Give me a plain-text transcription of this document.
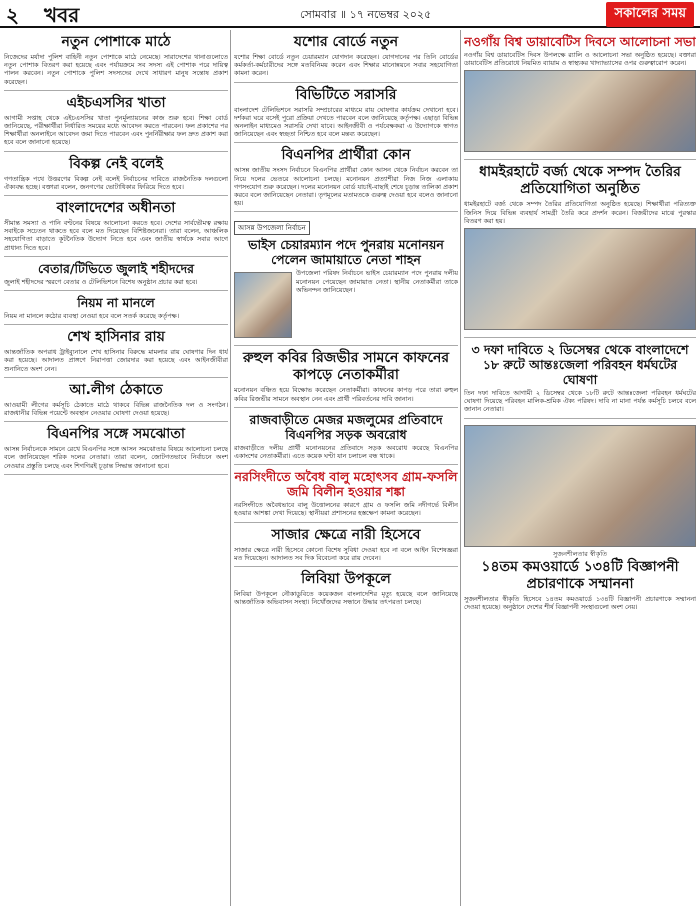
২ খবর	সোমবার ॥ ১৭ নভেম্বর ২০২৫	সকালের সময়
নতুন পোশাকে মাঠে
নিজেদের মর্যাদা পুলিশ বাহিনী নতুন পোশাকে মাঠে নেমেছে। সারাদেশের থানাগুলোতে নতুন পোশাক বিতরণ করা হয়েছে এবং পর্যায়ক্রমে সব সদস্য এই পোশাক পরে দায়িত্ব পালন করবেন। নতুন পোশাকে পুলিশ সদস্যদের দেখে সাধারণ মানুষ সন্তোষ প্রকাশ করেছেন।
এইচএসসির খাতা
আগামী সপ্তাহ থেকে এইচএসসির খাতা পুনর্মূল্যায়নের কাজ শুরু হবে। শিক্ষা বোর্ড জানিয়েছে, পরীক্ষার্থীরা নির্ধারিত সময়ের মধ্যে আবেদন করতে পারবেন। ফল প্রকাশের পর শিক্ষার্থীরা অনলাইনে আবেদন জমা দিতে পারবেন এবং পুনর্নিরীক্ষার ফল দ্রুত প্রকাশ করা হবে বলে জানানো হয়েছে।
বিকল্প নেই বলেই
গণতান্ত্রিক পথে উত্তরণের বিকল্প নেই বলেই নির্বাচনের দাবিতে রাজনৈতিক দলগুলো ঐক্যবদ্ধ হচ্ছে। বক্তারা বলেন, জনগণের ভোটাধিকার ফিরিয়ে দিতে হবে।
বাংলাদেশের অধীনতা
সীমান্ত সমস্যা ও পানি বণ্টনের বিষয়ে আলোচনা করতে হবে। দেশের সার্বভৌমত্ব রক্ষায় সবাইকে সচেতন থাকতে হবে বলে মত দিয়েছেন বিশিষ্টজনেরা। তারা বলেন, আঞ্চলিক সহযোগিতা বাড়াতে কূটনৈতিক উদ্যোগ নিতে হবে এবং জাতীয় স্বার্থকে সবার আগে প্রাধান্য দিতে হবে।
বেতার/টিভিতে জুলাই শহীদদের
জুলাই শহীদদের স্মরণে বেতার ও টেলিভিশনে বিশেষ অনুষ্ঠান প্রচার করা হবে।
নিয়ম না মানলে
নিয়ম না মানলে কঠোর ব্যবস্থা নেওয়া হবে বলে সতর্ক করেছে কর্তৃপক্ষ।
শেখ হাসিনার রায়
আন্তর্জাতিক অপরাধ ট্রাইব্যুনালে শেখ হাসিনার বিরুদ্ধে মামলার রায় ঘোষণার দিন ধার্য করা হয়েছে। আদালত প্রাঙ্গণে নিরাপত্তা জোরদার করা হয়েছে এবং আইনজীবীরা শুনানিতে অংশ নেন।
আ.লীগ ঠেকাতে
আওয়ামী লীগের কর্মসূচি ঠেকাতে মাঠে থাকবে বিভিন্ন রাজনৈতিক দল ও সংগঠন। রাজধানীর বিভিন্ন পয়েন্টে অবস্থান নেওয়ার ঘোষণা দেওয়া হয়েছে।
বিএনপির সঙ্গে সমঝোতা
আসন্ন নির্বাচনকে সামনে রেখে বিএনপির সঙ্গে আসন সমঝোতার বিষয়ে আলোচনা চলছে বলে জানিয়েছেন শরিক দলের নেতারা। তারা বলেন, জোটগতভাবে নির্বাচনে অংশ নেওয়ার প্রস্তুতি চলছে এবং শিগগিরই চূড়ান্ত সিদ্ধান্ত জানানো হবে।
যশোর বোর্ডে নতুন
যশোর শিক্ষা বোর্ডে নতুন চেয়ারম্যান যোগদান করেছেন। যোগদানের পর তিনি বোর্ডের কর্মকর্তা-কর্মচারীদের সঙ্গে মতবিনিময় করেন এবং শিক্ষার মানোন্নয়নে সবার সহযোগিতা কামনা করেন।
বিভিটিতে সরাসরি
বাংলাদেশ টেলিভিশনে সরাসরি সম্প্রচারের মাধ্যমে রায় ঘোষণার কার্যক্রম দেখানো হবে। দর্শকরা ঘরে বসেই পুরো প্রক্রিয়া দেখতে পারবেন বলে জানিয়েছে কর্তৃপক্ষ। এছাড়া বিভিন্ন অনলাইন মাধ্যমেও সরাসরি দেখা যাবে। আইনজীবী ও পর্যবেক্ষকরা এ উদ্যোগকে স্বাগত জানিয়েছেন এবং স্বচ্ছতা নিশ্চিত হবে বলে মন্তব্য করেছেন।
বিএনপির প্রার্থীরা কোন
আসন্ন জাতীয় সংসদ নির্বাচনে বিএনপির প্রার্থীরা কোন আসন থেকে নির্বাচন করবেন তা নিয়ে দলের ভেতরে আলোচনা চলছে। মনোনয়ন প্রত্যাশীরা নিজ নিজ এলাকায় গণসংযোগ শুরু করেছেন। দলের মনোনয়ন বোর্ড যাচাই-বাছাই শেষে চূড়ান্ত তালিকা প্রকাশ করবে বলে জানিয়েছেন নেতারা। তৃণমূলের মতামতকে গুরুত্ব দেওয়া হবে বলেও জানানো হয়।
আসন্ন উপজেলা নির্বাচন
ভাইস চেয়ারম্যান পদে পুনরায় মনোনয়ন পেলেন জামায়াতে নেতা শাহন
উপজেলা পরিষদ নির্বাচনে ভাইস চেয়ারম্যান পদে পুনরায় দলীয় মনোনয়ন পেয়েছেন জামায়াত নেতা। স্থানীয় নেতাকর্মীরা তাকে অভিনন্দন জানিয়েছেন।
রুহুল কবির রিজভীর সামনে কাফনের কাপড়ে নেতাকর্মীরা
মনোনয়ন বঞ্চিত হয়ে বিক্ষোভ করেছেন নেতাকর্মীরা। কাফনের কাপড় পরে তারা রুহুল কবির রিজভীর সামনে অবস্থান নেন এবং প্রার্থী পরিবর্তনের দাবি জানান।
রাজবাড়ীতে মেজর মজলুমের প্রতিবাদে বিএনপির সড়ক অবরোধ
রাজবাড়ীতে দলীয় প্রার্থী মনোনয়নের প্রতিবাদে সড়ক অবরোধ করেছে বিএনপির একাংশের নেতাকর্মীরা। এতে কয়েক ঘণ্টা যান চলাচল বন্ধ থাকে।
নরসিংদীতে অবৈধ বালু মহোৎসব গ্রাম-ফসলি জমি বিলীন হওয়ার শঙ্কা
নরসিংদীতে অবৈধভাবে বালু উত্তোলনের কারণে গ্রাম ও ফসলি জমি নদীগর্ভে বিলীন হওয়ার আশঙ্কা দেখা দিয়েছে। স্থানীয়রা প্রশাসনের হস্তক্ষেপ কামনা করেছেন।
সাজার ক্ষেত্রে নারী হিসেবে
সাজার ক্ষেত্রে নারী হিসেবে কোনো বিশেষ সুবিধা দেওয়া হবে না বলে আইন বিশেষজ্ঞরা মত দিয়েছেন। আদালত সব দিক বিবেচনা করে রায় দেবেন।
লিবিয়া উপকূলে
লিবিয়া উপকূলে নৌকাডুবিতে কয়েকজন বাংলাদেশির মৃত্যু হয়েছে বলে জানিয়েছে আন্তর্জাতিক অভিবাসন সংস্থা। নিখোঁজদের সন্ধানে উদ্ধার তৎপরতা চলছে।
নওগাঁয় বিশ্ব ডায়াবেটিস দিবসে আলোচনা সভা
নওগাঁয় বিশ্ব ডায়াবেটিস দিবস উপলক্ষে র‍্যালি ও আলোচনা সভা অনুষ্ঠিত হয়েছে। বক্তারা ডায়াবেটিস প্রতিরোধে নিয়মিত ব্যায়াম ও স্বাস্থ্যকর খাদ্যাভ্যাসের ওপর গুরুত্বারোপ করেন।
ধামইরহাটে বর্জ্য থেকে সম্পদ তৈরির প্রতিযোগিতা অনুষ্ঠিত
ধামইরহাটে বর্জ্য থেকে সম্পদ তৈরির প্রতিযোগিতা অনুষ্ঠিত হয়েছে। শিক্ষার্থীরা পরিত্যক্ত জিনিস দিয়ে বিভিন্ন ব্যবহার্য সামগ্রী তৈরি করে প্রদর্শন করেন। বিজয়ীদের মাঝে পুরস্কার বিতরণ করা হয়।
৩ দফা দাবিতে ২ ডিসেম্বর থেকে বাংলাদেশে ১৮ রুটে আন্তঃজেলা পরিবহন ধর্মঘটের ঘোষণা
তিন দফা দাবিতে আগামী ২ ডিসেম্বর থেকে ১৮টি রুটে আন্তঃজেলা পরিবহন ধর্মঘটের ঘোষণা দিয়েছে পরিবহন মালিক-শ্রমিক ঐক্য পরিষদ। দাবি না মানা পর্যন্ত কর্মসূচি চলবে বলে জানান নেতারা।
সুজনশীলতার স্বীকৃতি
১৪তম কমওয়ার্ডে ১৩৪টি বিজ্ঞাপনী প্রচারণাকে সম্মাননা
সুজনশীলতার স্বীকৃতি হিসেবে ১৪তম কমওয়ার্ডে ১৩৪টি বিজ্ঞাপনী প্রচারণাকে সম্মাননা দেওয়া হয়েছে। অনুষ্ঠানে দেশের শীর্ষ বিজ্ঞাপনী সংস্থাগুলো অংশ নেয়।
